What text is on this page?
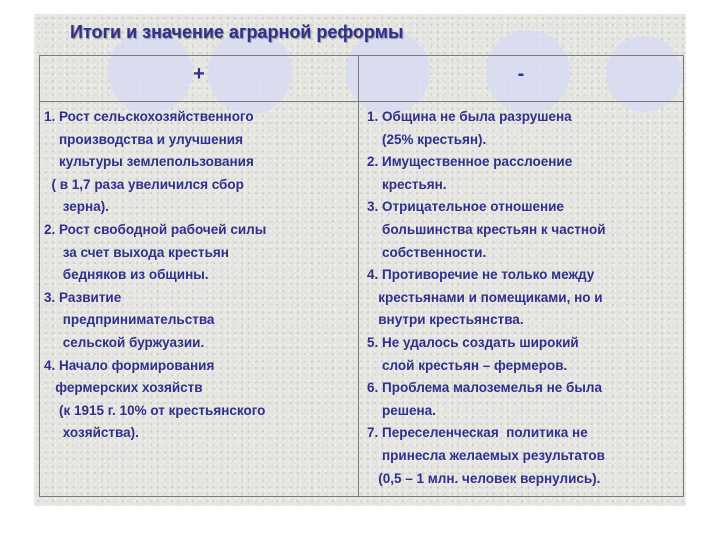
Итоги и значение аграрной реформы
+	-
1. Рост сельскохозяйственного
производства и улучшения
культуры землепользования
( в 1,7 раза увеличился сбор
зерна).
2. Рост свободной рабочей силы
за счет выхода крестьян
бедняков из общины.
3. Развитие
предпринимательства
сельской буржуазии.
4. Начало формирования
фермерских хозяйств
(к 1915 г. 10% от крестьянского
хозяйства).
1. Община не была разрушена
(25% крестьян).
2. Имущественное расслоение
крестьян.
3. Отрицательное отношение
большинства крестьян к частной
собственности.
4. Противоречие не только между
крестьянами и помещиками, но и
внутри крестьянства.
5. Не удалось создать широкий
слой крестьян – фермеров.
6. Проблема малоземелья не была
решена.
7. Переселенческая  политика не
принесла желаемых результатов
(0,5 – 1 млн. человек вернулись).
